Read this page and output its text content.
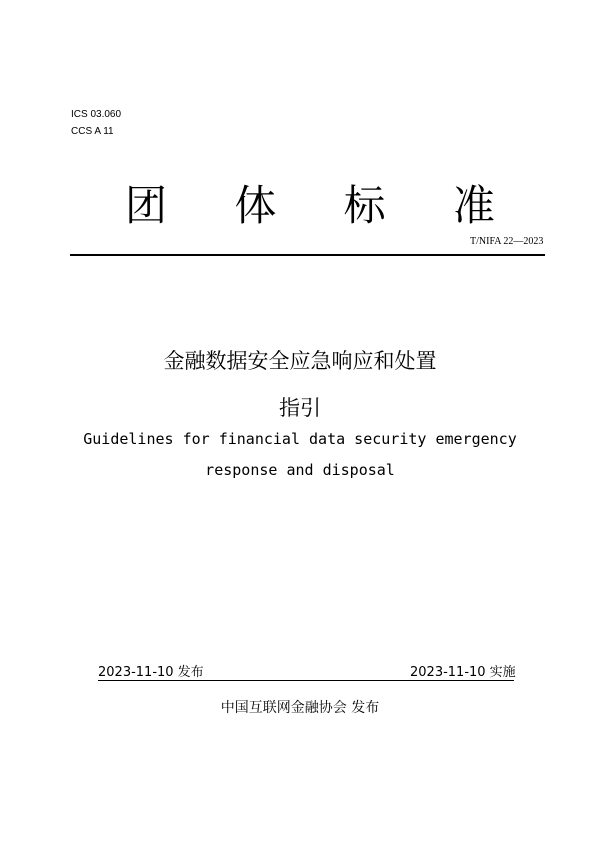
ICS 03.060
CCS A 11
团 体 标 准
T/NIFA 22—2023
金融数据安全应急响应和处置
指引
Guidelines for financial data security emergency
response and disposal
2023-11-10 发布	2023-11-10 实施
中国互联网金融协会 发布
